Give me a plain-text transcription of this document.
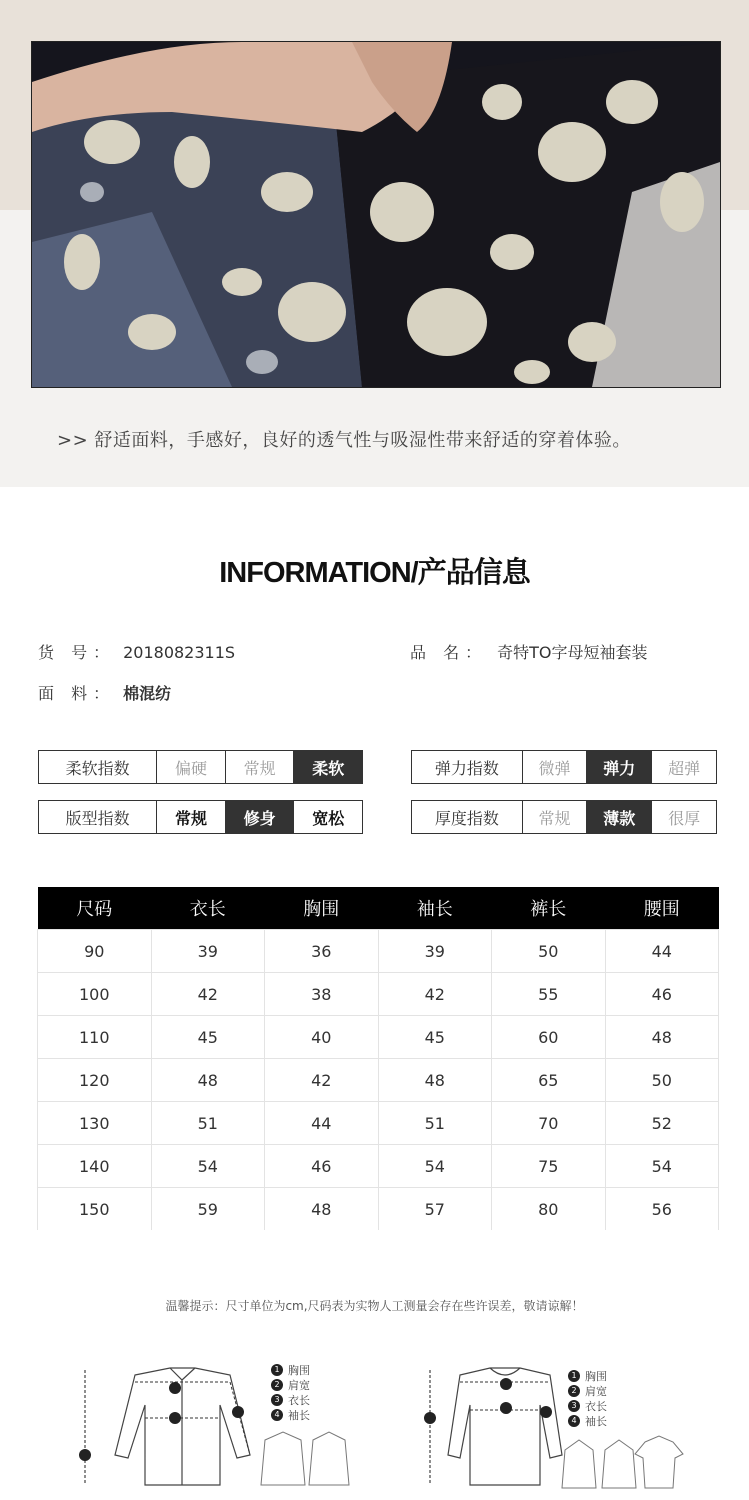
>> 舒适面料，手感好，良好的透气性与吸湿性带来舒适的穿着体验。
INFORMATION/产品信息
货 号： 2018082311S	品 名： 奇特TO字母短袖套装
面 料： 棉混纺
柔软指数	偏硬	常规	柔软	弹力指数	微弹	弹力	超弹
版型指数	常规	修身	宽松	厚度指数	常规	薄款	很厚
尺码	衣长	胸围	袖长	裤长	腰围
90	39	36	39	50	44
100	42	38	42	55	46
110	45	40	45	60	48
120	48	42	48	65	50
130	51	44	51	70	52
140	54	46	54	75	54
150	59	48	57	80	56
温馨提示：尺寸单位为cm,尺码表为实物人工测量会存在些许误差，敬请谅解！
1 胸围
2 肩宽
3 衣长
4 袖长
1 胸围
2 肩宽
3 衣长
4 袖长
